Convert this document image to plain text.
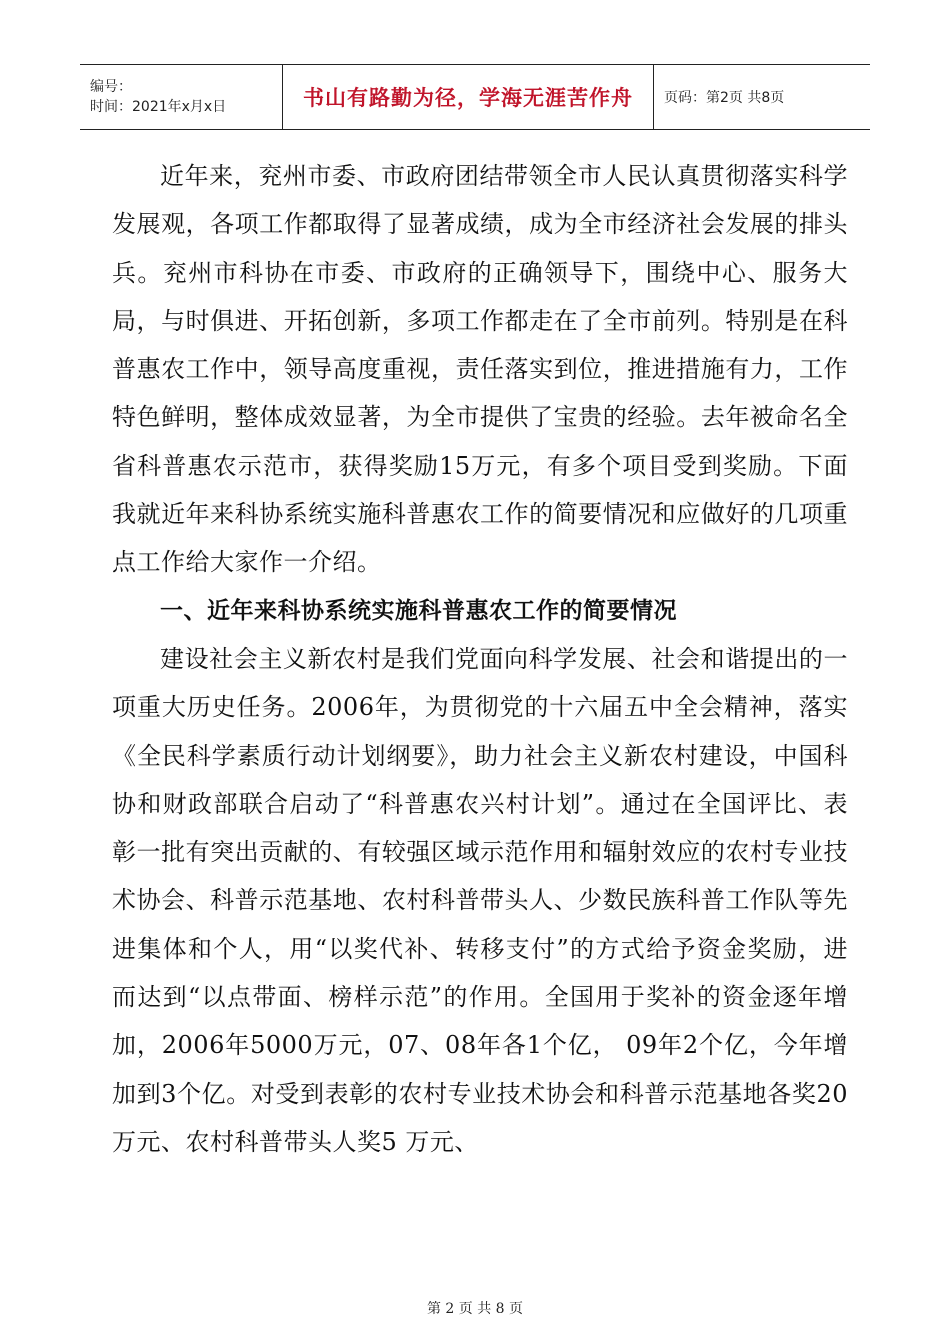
编号：
时间：2021年x月x日	书山有路勤为径，学海无涯苦作舟	页码：第2页 共8页

近年来，兖州市委、市政府团结带领全市人民认真贯彻落实科学发展观，各项工作都取得了显著成绩，成为全市经济社会发展的排头兵。兖州市科协在市委、市政府的正确领导下，围绕中心、服务大局，与时俱进、开拓创新，多项工作都走在了全市前列。特别是在科普惠农工作中，领导高度重视，责任落实到位，推进措施有力，工作特色鲜明，整体成效显著，为全市提供了宝贵的经验。去年被命名全省科普惠农示范市，获得奖励15万元，有多个项目受到奖励。下面我就近年来科协系统实施科普惠农工作的简要情况和应做好的几项重点工作给大家作一介绍。

一、近年来科协系统实施科普惠农工作的简要情况

建设社会主义新农村是我们党面向科学发展、社会和谐提出的一项重大历史任务。2006年，为贯彻党的十六届五中全会精神，落实《全民科学素质行动计划纲要》，助力社会主义新农村建设，中国科协和财政部联合启动了“科普惠农兴村计划”。通过在全国评比、表彰一批有突出贡献的、有较强区域示范作用和辐射效应的农村专业技术协会、科普示范基地、农村科普带头人、少数民族科普工作队等先进集体和个人，用“以奖代补、转移支付”的方式给予资金奖励，进而达到“以点带面、榜样示范”的作用。全国用于奖补的资金逐年增加，2006年5000万元，07、08年各1个亿， 09年2个亿，今年增加到3个亿。对受到表彰的农村专业技术协会和科普示范基地各奖20万元、农村科普带头人奖5 万元、

第 2 页 共 8 页
